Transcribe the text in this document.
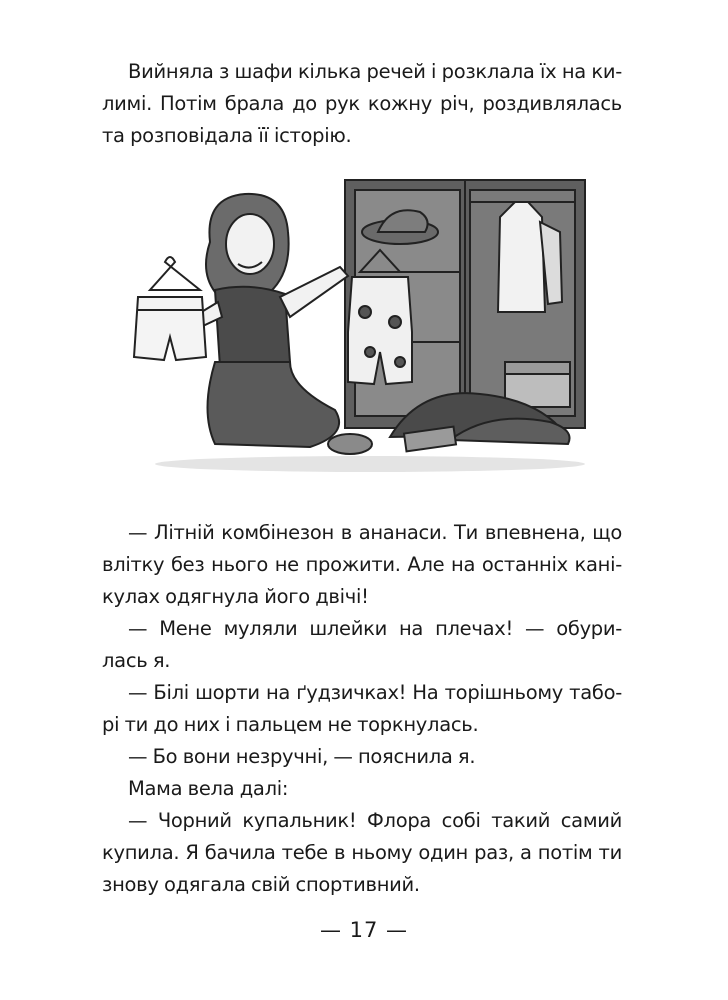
Вийняла з шафи кілька речей і розклала їх на ки-
лимі. Потім брала до рук кожну річ, роздивлялась
та розповідала її історію.
— Літній комбінезон в ананаси. Ти впевнена, що
влітку без нього не прожити. Але на останніх кані-
кулах одягнула його двічі!
— Мене муляли шлейки на плечах! — обури-
лась я.
— Білі шорти на ґудзичках! На торішньому табо-
рі ти до них і пальцем не торкнулась.
— Бо вони незручні, — пояснила я.
Мама вела далі:
— Чорний купальник! Флора собі такий самий
купила. Я бачила тебе в ньому один раз, а потім ти
знову одягала свій спортивний.
— 17 —
